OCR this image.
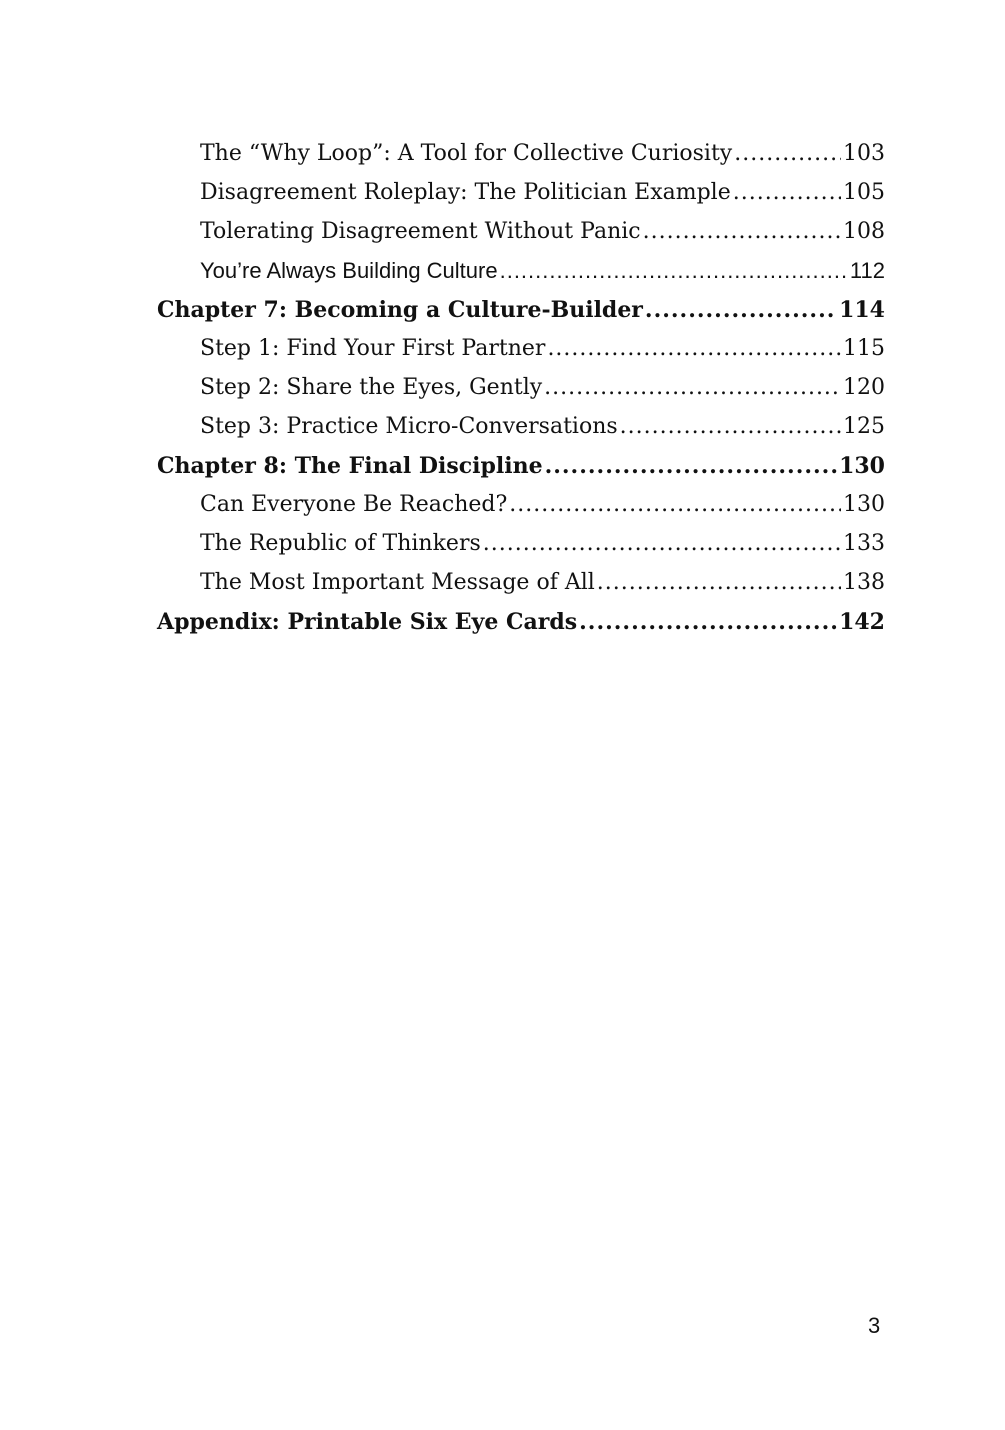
The “Why Loop”: A Tool for Collective Curiosity .....	103
Disagreement Roleplay: The Politician Example .....	105
Tolerating Disagreement Without Panic .....	108
You’re Always Building Culture .....	112
Chapter 7: Becoming a Culture-Builder .....	114
Step 1: Find Your First Partner .....	115
Step 2: Share the Eyes, Gently .....	120
Step 3: Practice Micro-Conversations .....	125
Chapter 8: The Final Discipline .....	130
Can Everyone Be Reached? .....	130
The Republic of Thinkers .....	133
The Most Important Message of All .....	138
Appendix: Printable Six Eye Cards .....	142
3
